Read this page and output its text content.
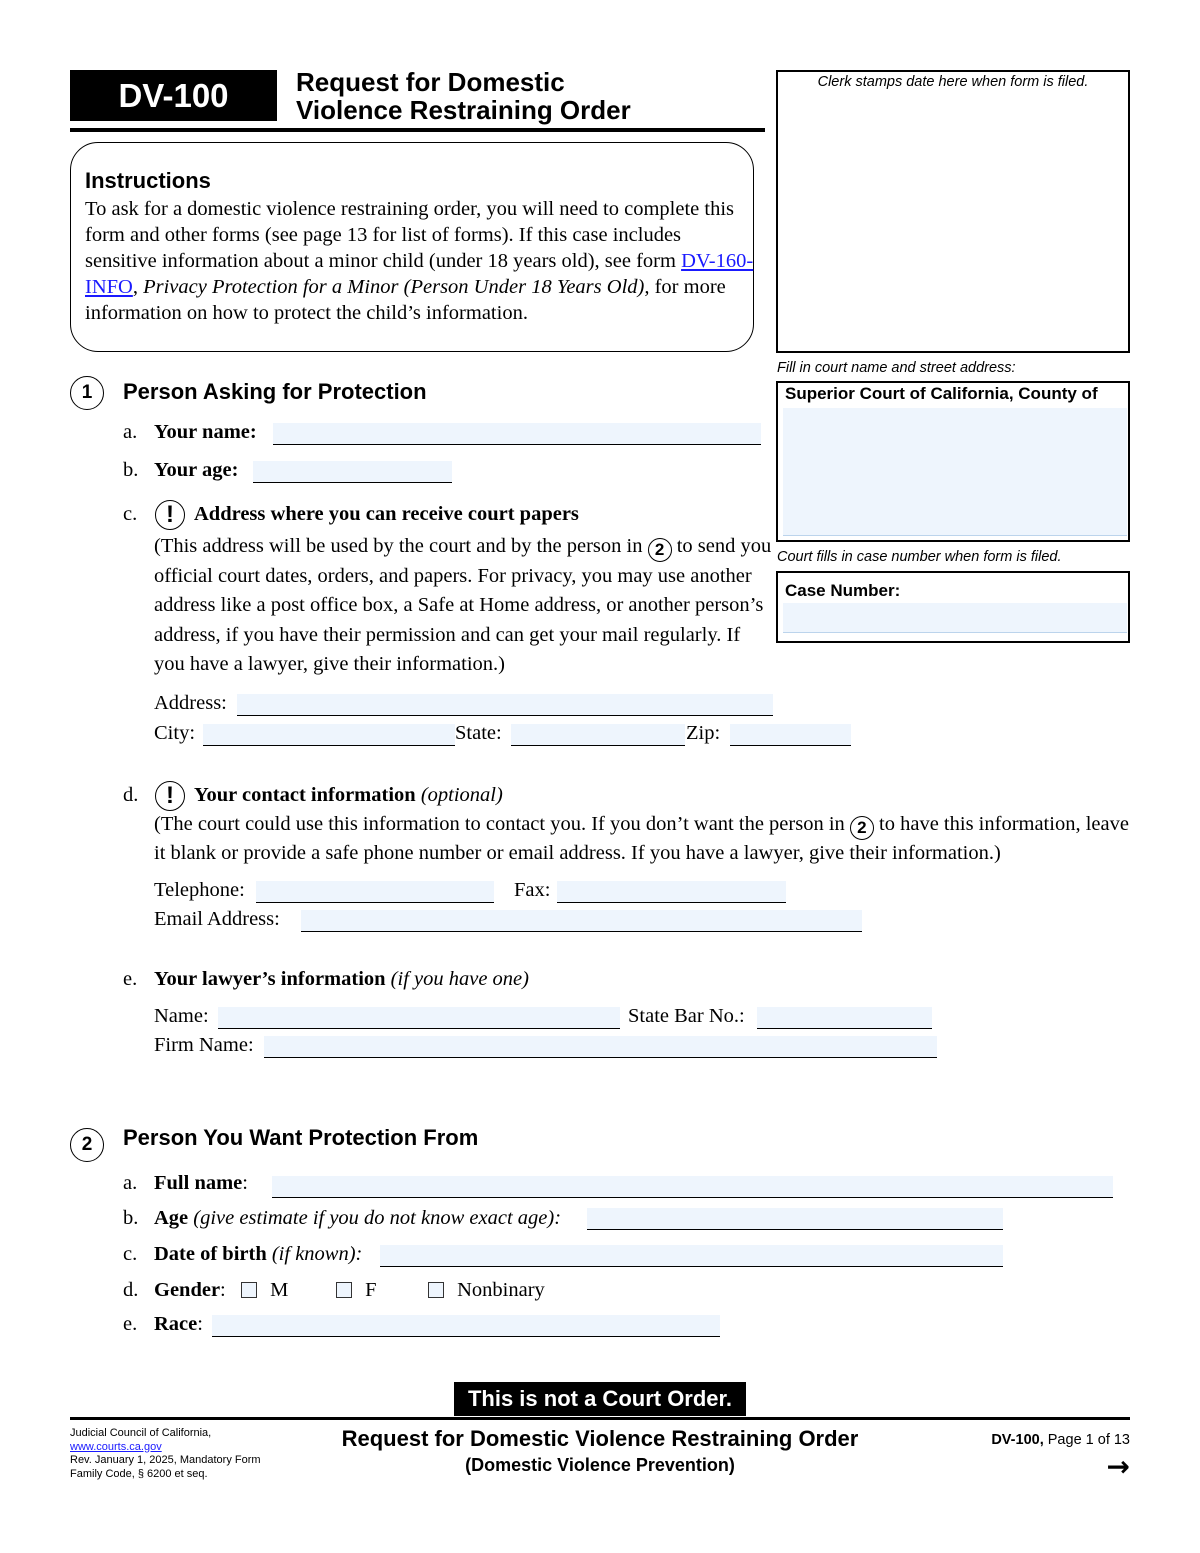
DV-100	Request for Domestic
Violence Restraining Order
Instructions
To ask for a domestic violence restraining order, you will need to complete this form and other forms (see page 13 for list of forms). If this case includes sensitive information about a minor child (under 18 years old), see form DV-160-INFO, Privacy Protection for a Minor (Person Under 18 Years Old), for more information on how to protect the child’s information.
Clerk stamps date here when form is filed.
Fill in court name and street address:
Superior Court of California, County of
Court fills in case number when form is filed.
Case Number:
1 Person Asking for Protection
a. Your name:
b. Your age:
c.	! Address where you can receive court papers
(This address will be used by the court and by the person in 2 to send you official court dates, orders, and papers. For privacy, you may use another address like a post office box, a Safe at Home address, or another person’s address, if you have their permission and can get your mail regularly. If you have a lawyer, give their information.)
Address:
City:	State:	Zip:
d.	! Your contact information (optional)
(The court could use this information to contact you. If you don’t want the person in 2 to have this information, leave it blank or provide a safe phone number or email address. If you have a lawyer, give their information.)
Telephone:	Fax:
Email Address:
e. Your lawyer’s information (if you have one)
Name:	State Bar No.:
Firm Name:
2 Person You Want Protection From
a. Full name:
b. Age (give estimate if you do not know exact age):
c. Date of birth (if known):
d. Gender:	M	F	Nonbinary
e. Race:
This is not a Court Order.
Judicial Council of California,
www.courts.ca.gov
Rev. January 1, 2025, Mandatory Form
Family Code, § 6200 et seq.
Request for Domestic Violence Restraining Order
(Domestic Violence Prevention)
DV-100, Page 1 of 13
→
